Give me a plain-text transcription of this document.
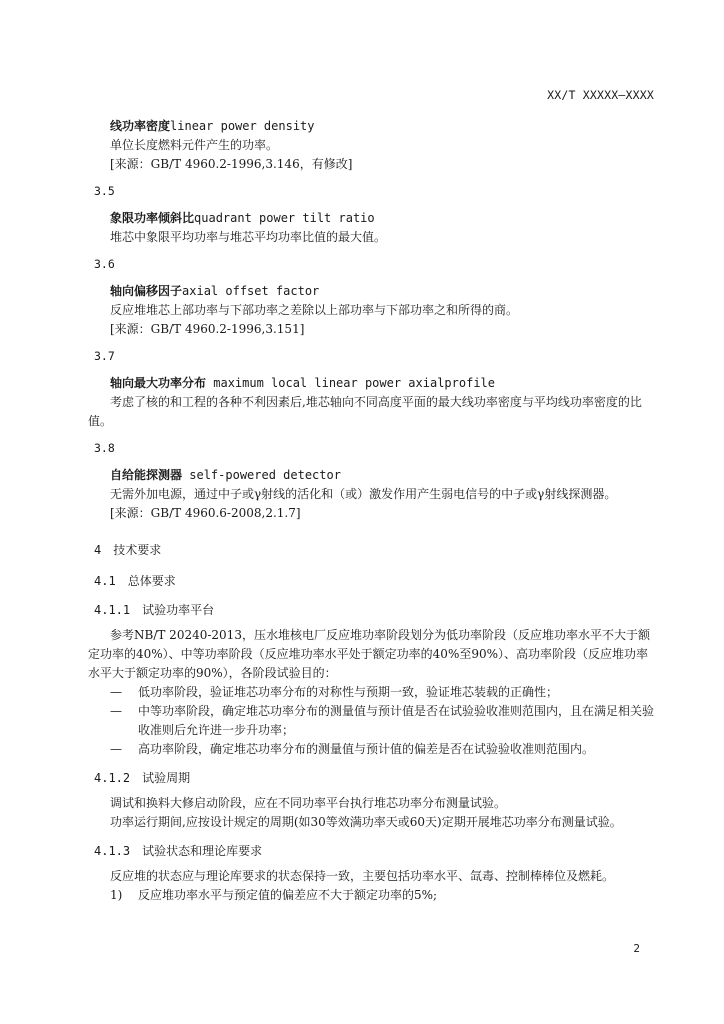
XX/T XXXXX—XXXX
线功率密度linear power density
单位长度燃料元件产生的功率。
[来源：GB/T 4960.2-1996,3.146，有修改]
3.5
象限功率倾斜比quadrant power tilt ratio
堆芯中象限平均功率与堆芯平均功率比值的最大值。
3.6
轴向偏移因子axial offset factor
反应堆堆芯上部功率与下部功率之差除以上部功率与下部功率之和所得的商。
[来源：GB/T 4960.2-1996,3.151]
3.7
轴向最大功率分布 maximum local linear power axialprofile
考虑了核的和工程的各种不利因素后,堆芯轴向不同高度平面的最大线功率密度与平均线功率密度的比值。
3.8
自给能探测器 self-powered detector
无需外加电源，通过中子或γ射线的活化和（或）激发作用产生弱电信号的中子或γ射线探测器。
[来源：GB/T 4960.6-2008,2.1.7]
4 技术要求
4.1 总体要求
4.1.1 试验功率平台
参考NB/T 20240-2013，压水堆核电厂反应堆功率阶段划分为低功率阶段（反应堆功率水平不大于额定功率的40%）、中等功率阶段（反应堆功率水平处于额定功率的40%至90%）、高功率阶段（反应堆功率水平大于额定功率的90%），各阶段试验目的：
—	低功率阶段，验证堆芯功率分布的对称性与预期一致，验证堆芯装载的正确性；
—	中等功率阶段，确定堆芯功率分布的测量值与预计值是否在试验验收准则范围内，且在满足相关验收准则后允许进一步升功率；
—	高功率阶段，确定堆芯功率分布的测量值与预计值的偏差是否在试验验收准则范围内。
4.1.2 试验周期
调试和换料大修启动阶段，应在不同功率平台执行堆芯功率分布测量试验。
功率运行期间,应按设计规定的周期(如30等效满功率天或60天)定期开展堆芯功率分布测量试验。
4.1.3 试验状态和理论库要求
反应堆的状态应与理论库要求的状态保持一致，主要包括功率水平、氙毒、控制棒棒位及燃耗。
1)	反应堆功率水平与预定值的偏差应不大于额定功率的5%;
2
